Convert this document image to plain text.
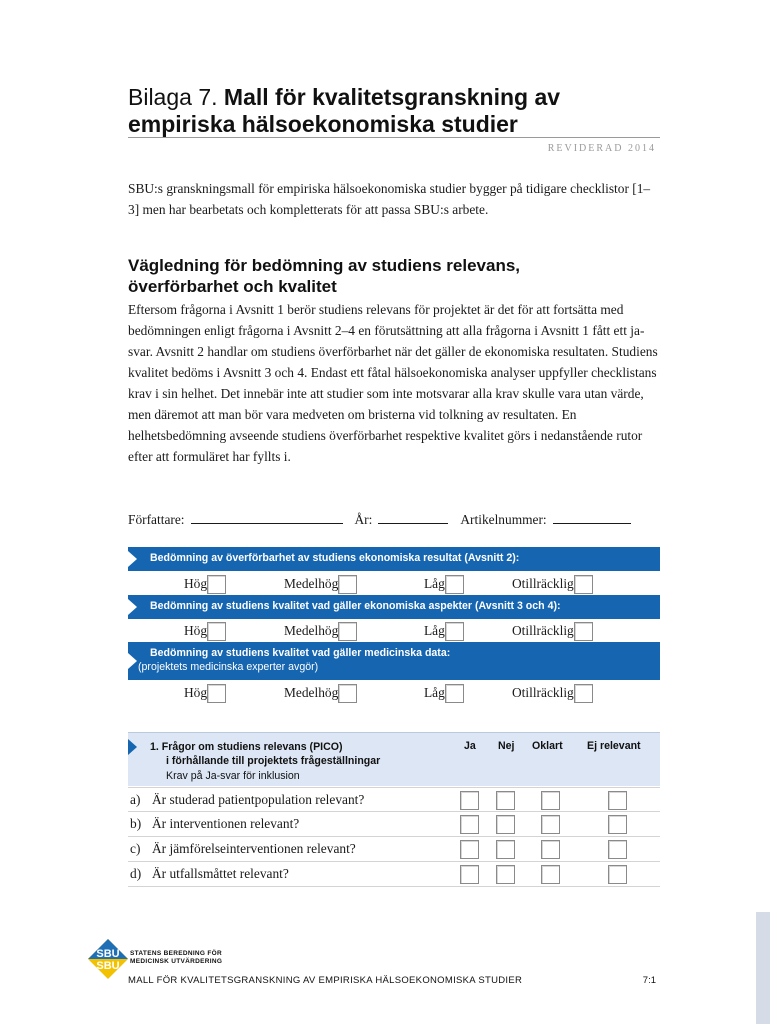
Bilaga 7. Mall för kvalitetsgranskning av empiriska hälsoekonomiska studier
REVIDERAD 2014

SBU:s granskningsmall för empiriska hälsoekonomiska studier bygger på tidigare checklistor [1–3] men har bearbetats och kompletterats för att passa SBU:s arbete.

Vägledning för bedömning av studiens relevans, överförbarhet och kvalitet

Eftersom frågorna i Avsnitt 1 berör studiens relevans för projektet är det för att fortsätta med bedömningen enligt frågorna i Avsnitt 2–4 en förutsättning att alla frågorna i Avsnitt 1 fått ett ja-svar. Avsnitt 2 handlar om studiens överförbarhet när det gäller de ekonomiska resultaten. Studiens kvalitet bedöms i Avsnitt 3 och 4. Endast ett fåtal hälsoekonomiska analyser uppfyller checklistans krav i sin helhet. Det innebär inte att studier som inte motsvarar alla krav skulle vara utan värde, men däremot att man bör vara medveten om bristerna vid tolkning av resultaten. En helhetsbedömning avseende studiens överförbarhet respektive kvalitet görs i nedanstående rutor efter att formuläret har fyllts i.

Författare:	År:	Artikelnummer:
Bedömning av överförbarhet av studiens ekonomiska resultat (Avsnitt 2):
Hög	Medelhög	Låg	Otillräcklig
Bedömning av studiens kvalitet vad gäller ekonomiska aspekter (Avsnitt 3 och 4):
Hög	Medelhög	Låg	Otillräcklig
Bedömning av studiens kvalitet vad gäller medicinska data:
(projektets medicinska experter avgör)
Hög	Medelhög	Låg	Otillräcklig
1. Frågor om studiens relevans (PICO)
i förhållande till projektets frågeställningar
Krav på Ja-svar för inklusion
Ja Nej Oklart Ej relevant
a) Är studerad patientpopulation relevant?
b) Är interventionen relevant?
c) Är jämförelseinterventionen relevant?
d) Är utfallsmåttet relevant?
SBU
SBU
STATENS BEREDNING FÖR
MEDICINSK UTVÄRDERING
MALL FÖR KVALITETSGRANSKNING AV EMPIRISKA HÄLSOEKONOMISKA STUDIER	7:1
